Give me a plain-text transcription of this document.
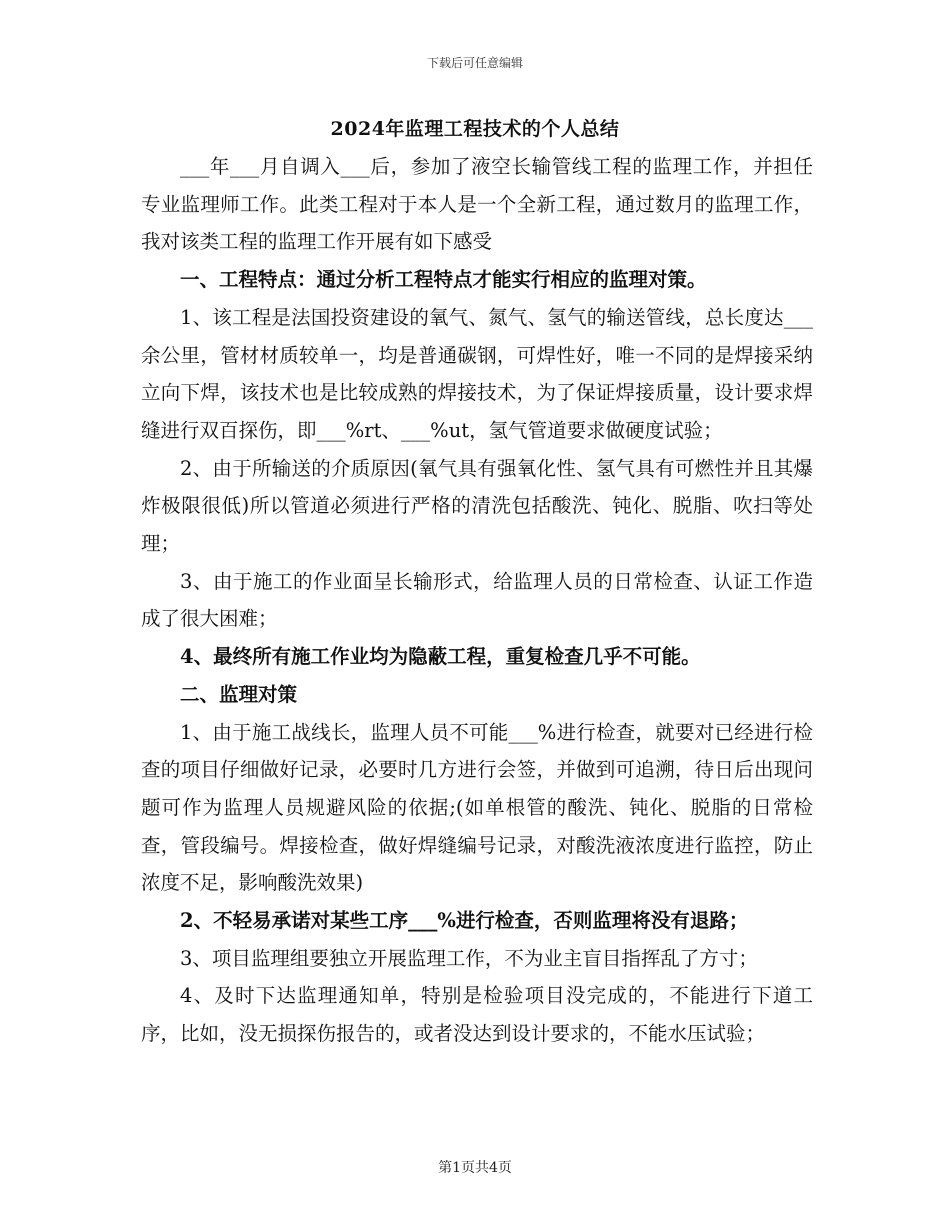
下载后可任意编辑
2024年监理工程技术的个人总结

___年___月自调入___后，参加了液空长输管线工程的监理工作，并担任专业监理师工作。此类工程对于本人是一个全新工程，通过数月的监理工作，我对该类工程的监理工作开展有如下感受

一、工程特点：通过分析工程特点才能实行相应的监理对策。

1、该工程是法国投资建设的氧气、氮气、氢气的输送管线，总长度达___余公里，管材材质较单一，均是普通碳钢，可焊性好，唯一不同的是焊接采纳立向下焊，该技术也是比较成熟的焊接技术，为了保证焊接质量，设计要求焊缝进行双百探伤，即___%rt、___%ut，氢气管道要求做硬度试验；

2、由于所输送的介质原因(氧气具有强氧化性、氢气具有可燃性并且其爆炸极限很低)所以管道必须进行严格的清洗包括酸洗、钝化、脱脂、吹扫等处理；

3、由于施工的作业面呈长输形式，给监理人员的日常检查、认证工作造成了很大困难；

4、最终所有施工作业均为隐蔽工程，重复检查几乎不可能。

二、监理对策

1、由于施工战线长，监理人员不可能___%进行检查，就要对已经进行检查的项目仔细做好记录，必要时几方进行会签，并做到可追溯，待日后出现问题可作为监理人员规避风险的依据;(如单根管的酸洗、钝化、脱脂的日常检查，管段编号。焊接检查，做好焊缝编号记录，对酸洗液浓度进行监控，防止浓度不足，影响酸洗效果)

2、不轻易承诺对某些工序___%进行检查，否则监理将没有退路；

3、项目监理组要独立开展监理工作，不为业主盲目指挥乱了方寸；

4、及时下达监理通知单，特别是检验项目没完成的，不能进行下道工序，比如，没无损探伤报告的，或者没达到设计要求的，不能水压试验；

第1页共4页
